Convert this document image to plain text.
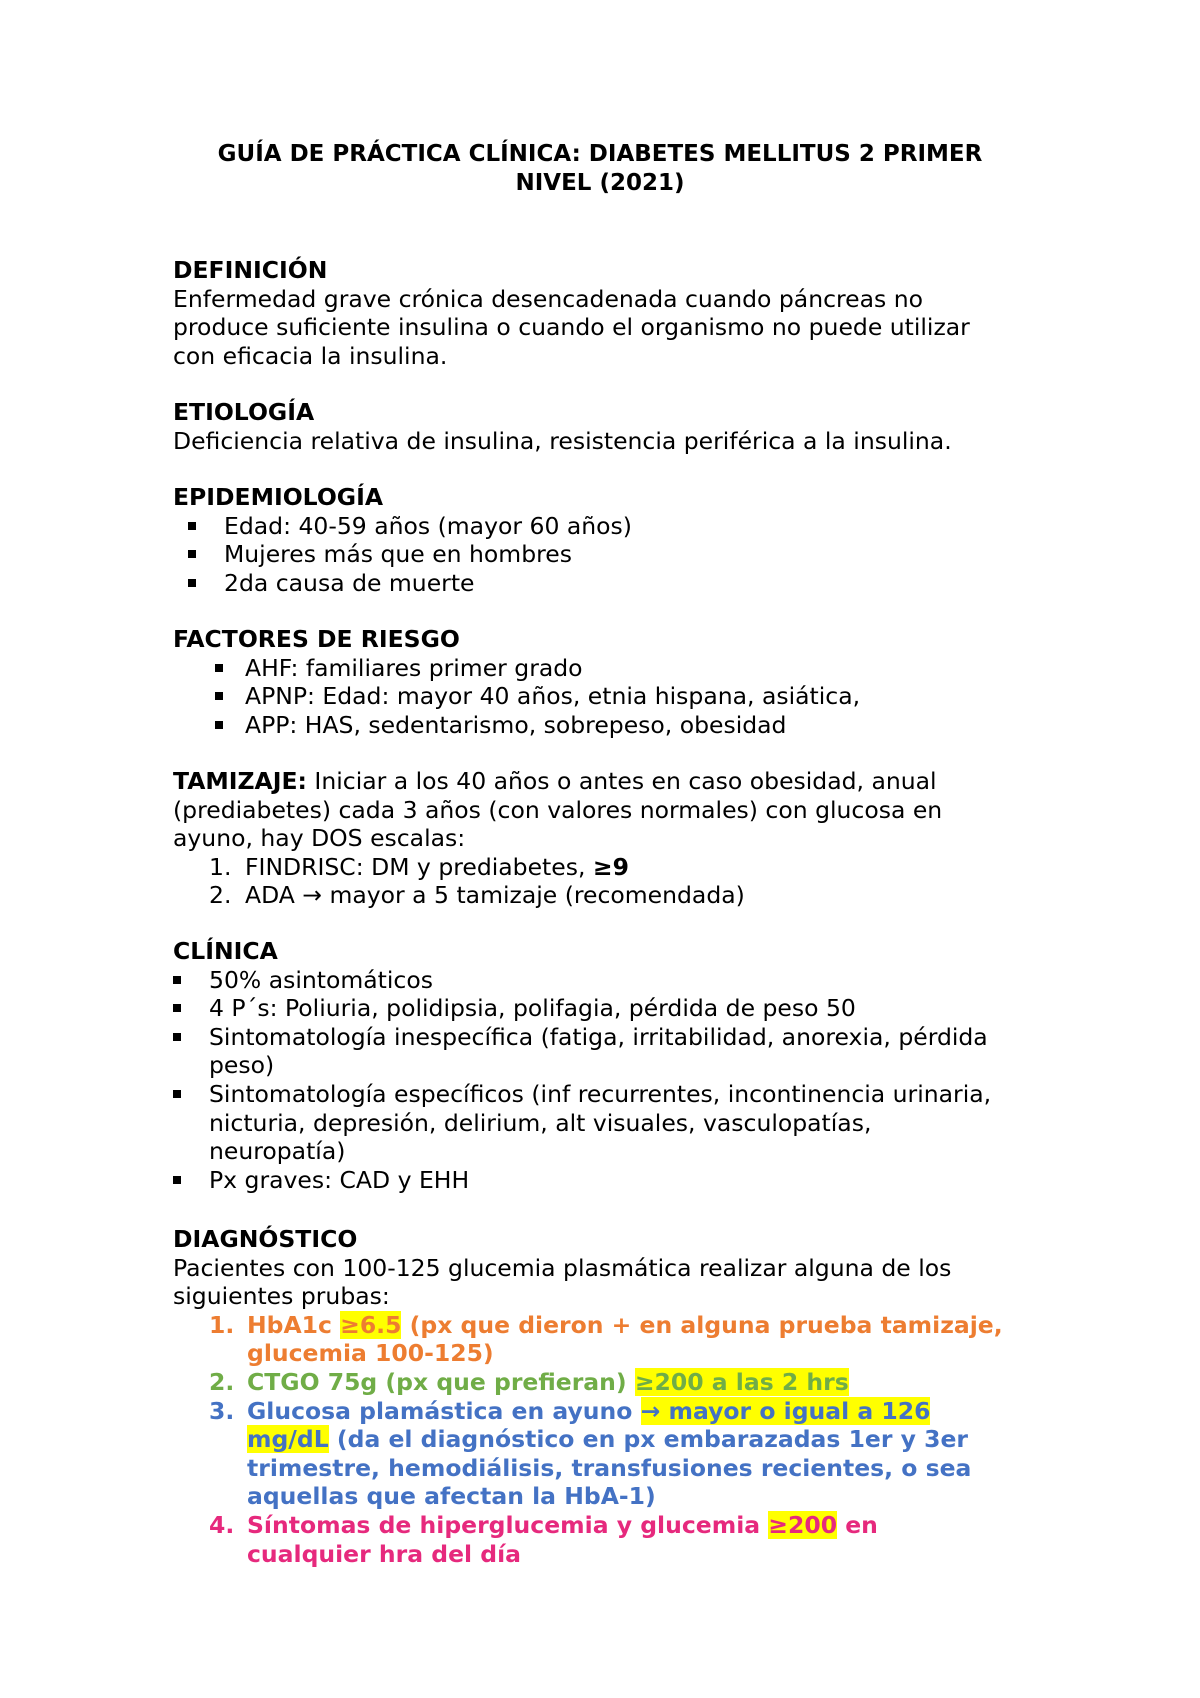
GUÍA DE PRÁCTICA CLÍNICA: DIABETES MELLITUS 2 PRIMER
NIVEL (2021)
DEFINICIÓN
Enfermedad grave crónica desencadenada cuando páncreas no
produce suficiente insulina o cuando el organismo no puede utilizar
con eficacia la insulina.
ETIOLOGÍA
Deficiencia relativa de insulina, resistencia periférica a la insulina.
EPIDEMIOLOGÍA
Edad: 40-59 años (mayor 60 años)
Mujeres más que en hombres
2da causa de muerte
FACTORES DE RIESGO
AHF: familiares primer grado
APNP: Edad: mayor 40 años, etnia hispana, asiática,
APP: HAS, sedentarismo, sobrepeso, obesidad
TAMIZAJE: Iniciar a los 40 años o antes en caso obesidad, anual
(prediabetes) cada 3 años (con valores normales) con glucosa en
ayuno, hay DOS escalas:
1. FINDRISC: DM y prediabetes, ≥9
2. ADA → mayor a 5 tamizaje (recomendada)
CLÍNICA
50% asintomáticos
4 P´s: Poliuria, polidipsia, polifagia, pérdida de peso 50
Sintomatología inespecífica (fatiga, irritabilidad, anorexia, pérdida
peso)
Sintomatología específicos (inf recurrentes, incontinencia urinaria,
nicturia, depresión, delirium, alt visuales, vasculopatías,
neuropatía)
Px graves: CAD y EHH
DIAGNÓSTICO
Pacientes con 100-125 glucemia plasmática realizar alguna de los
siguientes prubas:
1. HbA1c ≥6.5 (px que dieron + en alguna prueba tamizaje,
glucemia 100-125)
2. CTGO 75g (px que prefieran) ≥200 a las 2 hrs
3. Glucosa plamástica en ayuno → mayor o igual a 126
mg/dL (da el diagnóstico en px embarazadas 1er y 3er
trimestre, hemodiálisis, transfusiones recientes, o sea
aquellas que afectan la HbA-1)
4. Síntomas de hiperglucemia y glucemia ≥200 en
cualquier hra del día
